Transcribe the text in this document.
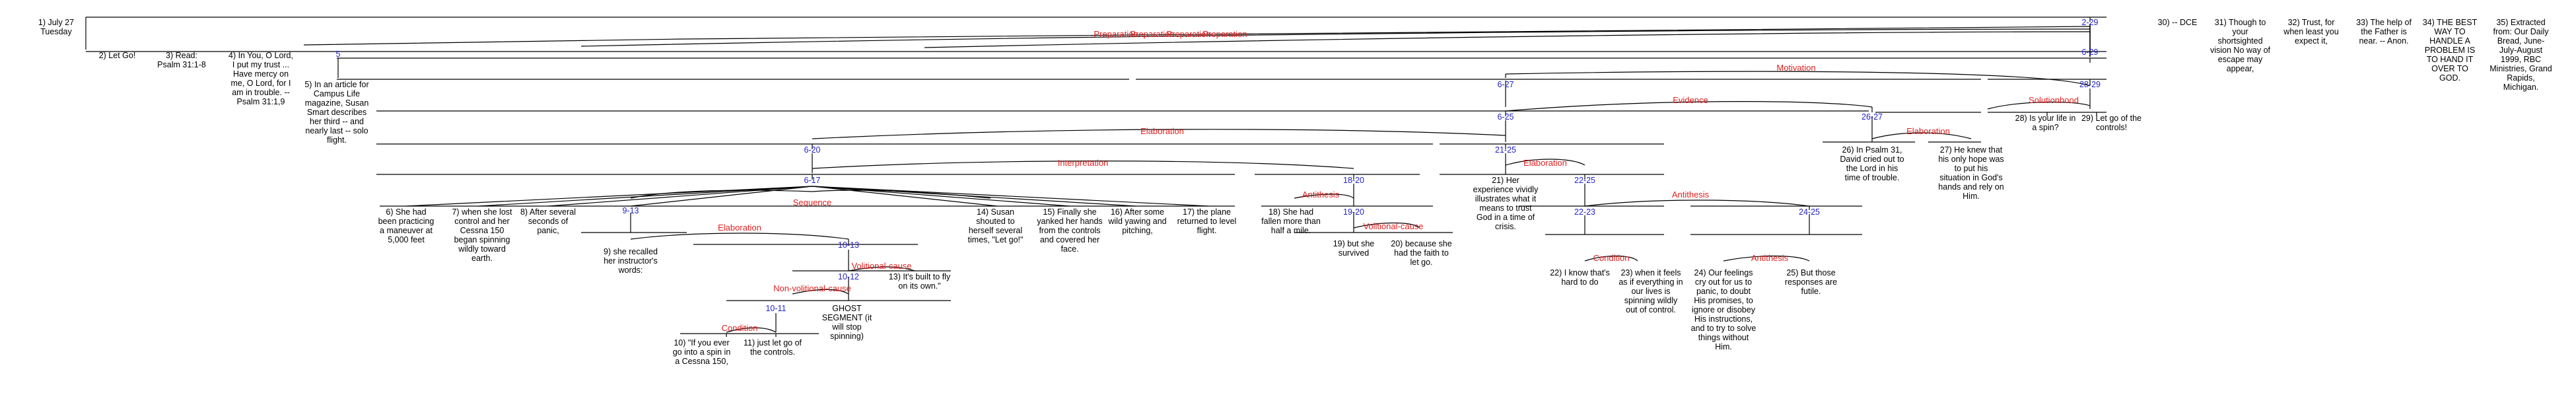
1) July 27 Tuesday
2) Let Go!	3) Read: Psalm 31:1-8
4) In You, O Lord, I put my trust ... Have mercy on me, O Lord, for I am in trouble. -- Psalm 31:1,9
5) In an article for Campus Life magazine, Susan Smart describes her third -- and nearly last -- solo flight.
6) She had been practicing a maneuver at 5,000 feet
7) when she lost control and her Cessna 150 began spinning wildly toward earth.
8) After several seconds of panic,
9) she recalled her instructor's words:
10) "If you ever go into a spin in a Cessna 150,
11) just let go of the controls.
GHOST SEGMENT (it will stop spinning)
13) It's built to fly on its own."
14) Susan shouted to herself several times, "Let go!"
15) Finally she yanked her hands from the controls and covered her face.
16) After some wild yawing and pitching,
17) the plane returned to level flight.
18) She had fallen more than half a mile.
19) but she survived
20) because she had the faith to let go.
21) Her experience vividly illustrates what it means to trust God in a time of crisis.
22) I know that's hard to do
23) when it feels as if everything in our lives is spinning wildly out of control.
24) Our feelings cry out for us to panic, to doubt His promises, to ignore or disobey His instructions, and to try to solve things without Him.
25) But those responses are futile.
26) In Psalm 31, David cried out to the Lord in his time of trouble.
27) He knew that his only hope was to put his situation in God's hands and rely on Him.
28) Is your life in a spin?
29) Let go of the controls!
30) -- DCE	31) Though to your shortsighted vision No way of escape may appear,
32) Trust, for when least you expect it,
33) The help of the Father is near. -- Anon.
34) THE BEST WAY TO HANDLE A PROBLEM IS TO HAND IT OVER TO GOD.
35) Extracted from: Our Daily Bread, June-July-August 1999, RBC Ministries, Grand Rapids, Michigan.
2-29
6-29
6-27	28-29
5
6-25	26-27
6-20	21-25
6-17	18-20	22-25
9-13	19-20	22-23	24-25
10-13
10-12
10-11
Preparation
Preparation
Preparation
Preparation
Motivation
Evidence	Solutionhood
Elaboration	Elaboration
Interpretation	Elaboration
Antithesis
Sequence
Antithesis
Volitional-cause
Elaboration
Condition	Antithesis
Volitional-cause
Non-volitional-cause
Condition
